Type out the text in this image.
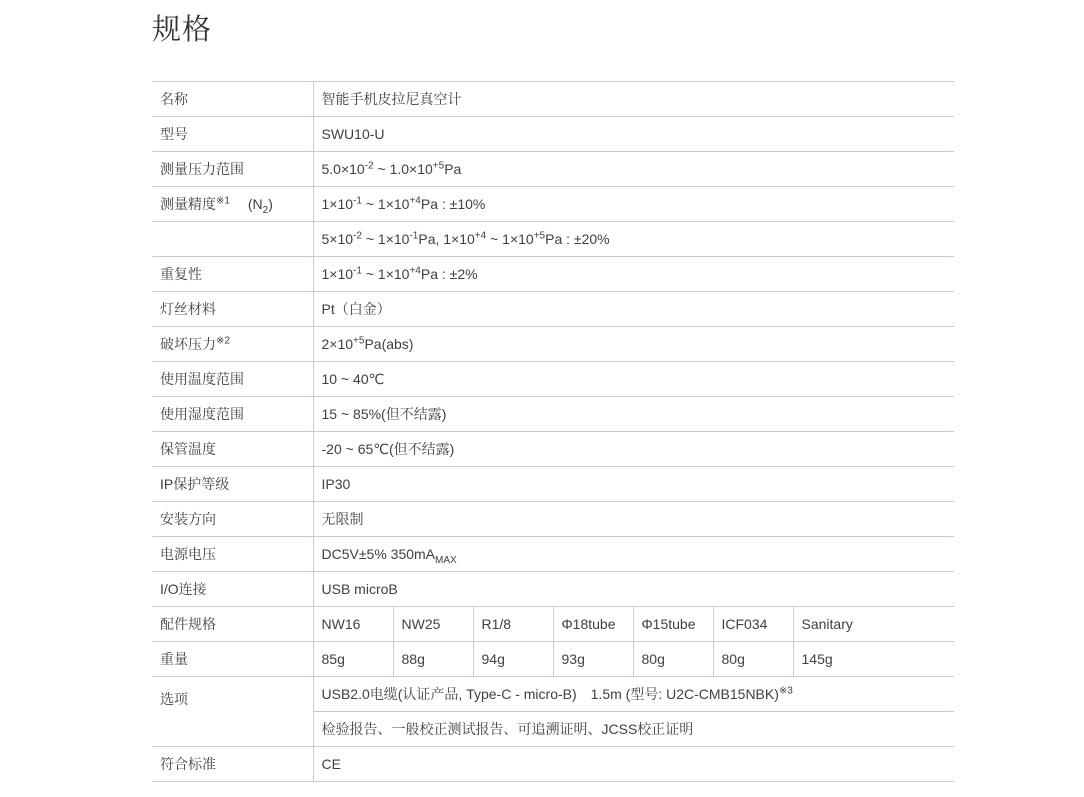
规格
名称	智能手机皮拉尼真空计						
型号	SWU10-U						
测量压力范围	$5.0\times 10^{-2}$ ~ $1.0\times 10^{+5}Pa$						
测量精度$^{※1}$　 $(N_2)$	$1\times 10^{-1}$ ~ $1\times 10^{+4}Pa$ : ±10%						
	$5\times 10^{-2}$ ~ $1\times 10^{-1}Pa$, $1\times 10^{+4}$ ~ $1\times 10^{+5}Pa$ : ±20%						
重复性	$1\times 10^{-1}$ ~ $1\times 10^{+4}Pa$ : ±2%						
灯丝材料	Pt（白金）						
破坏压力$^{※2}$	$2\times 10^{+5}Pa(abs)$						
使用温度范围	10 ~ 40℃						
使用湿度范围	15 ~ 85%(但不结露)						
保管温度	-20 ~ 65℃(但不结露)						
IP保护等级	IP30						
安装方向	无限制						
电源电压	DC5V±5% $350mA_{MAX}$
I/O连接	USB microB						
配件规格	NW16	NW25	R1/8	Φ18tube	Φ15tube	ICF034	Sanitary
重量	85g	88g	94g	93g	80g	80g	145g
选项	USB2.0电缆(认证产品, Type-C - micro-B)　1.5m (型号: U2C-CMB15NBK)$^{※3}$
	检验报告、一般校正测试报告、可追溯证明、JCSS校正证明						
符合标准	CE						
